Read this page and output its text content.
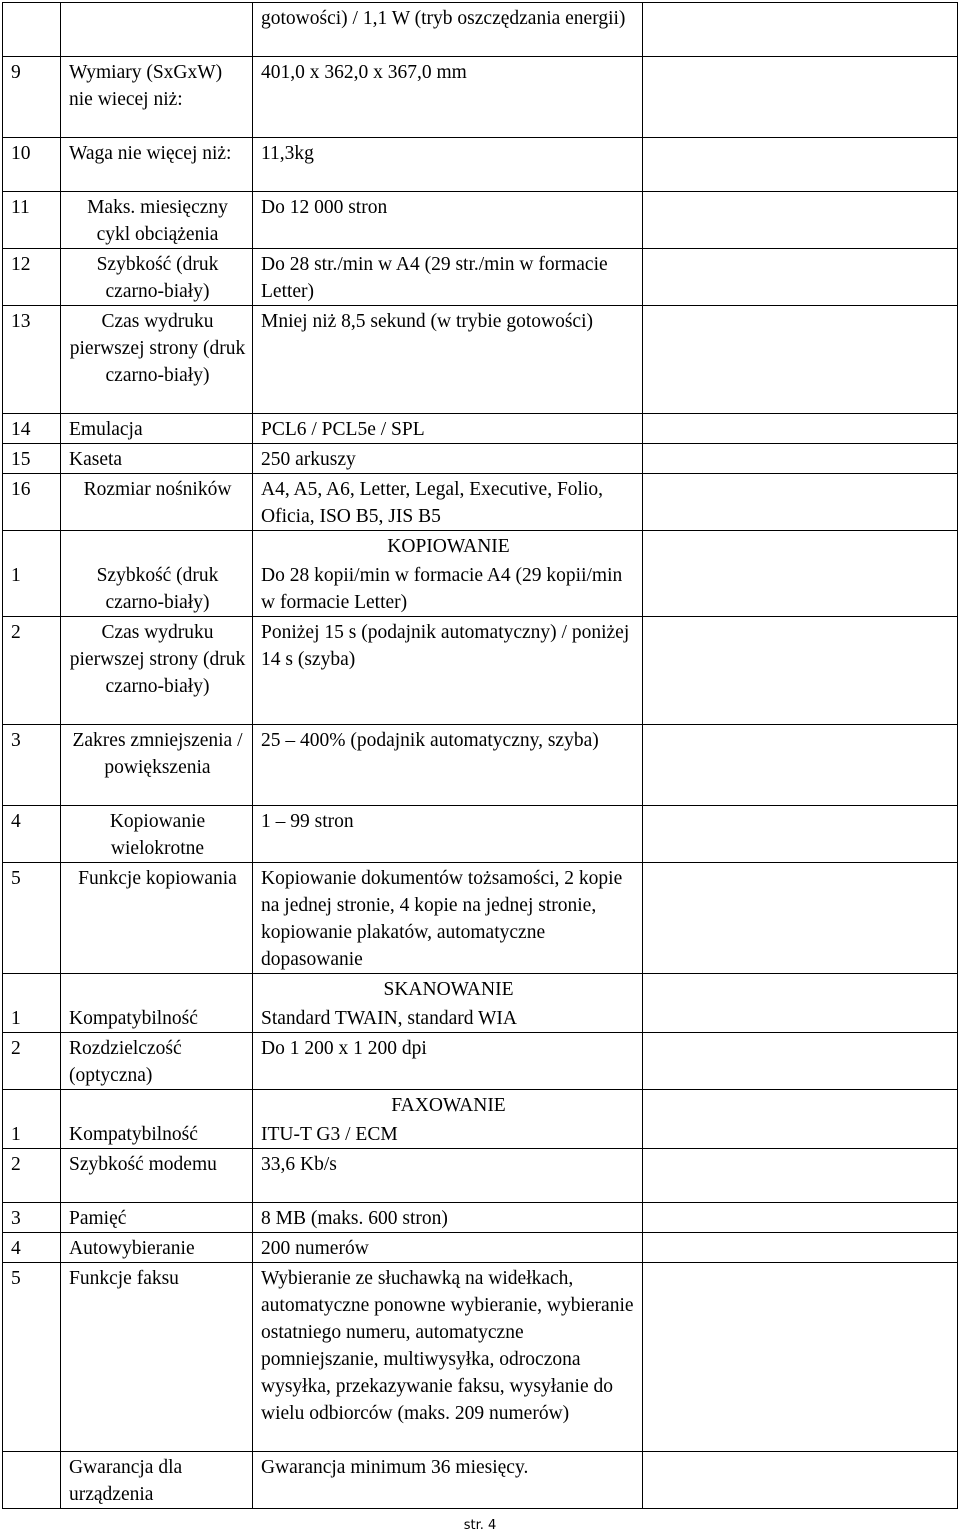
		gotowości) / 1,1 W (tryb oszczędzania energii)	
9	Wymiary (SxGxW) nie wiecej niż:	401,0 x 362,0 x 367,0 mm	
10	Waga nie więcej niż:	11,3kg	
11	Maks. miesięczny cykl obciążenia	Do 12 000 stron	
12	Szybkość (druk czarno-biały)	Do 28 str./min w A4 (29 str./min w formacie Letter)	
13	Czas wydruku pierwszej strony (druk czarno-biały)	Mniej niż 8,5 sekund (w trybie gotowości)	
14	Emulacja	PCL6 / PCL5e / SPL	
15	Kaseta	250 arkuszy	
16	Rozmiar nośników	A4, A5, A6, Letter, Legal, Executive, Folio, Oficia, ISO B5, JIS B5	
		KOPIOWANIE	
1	Szybkość (druk czarno-biały)	Do 28 kopii/min w formacie A4 (29 kopii/min w formacie Letter)	
2	Czas wydruku pierwszej strony (druk czarno-biały)	Poniżej 15 s (podajnik automatyczny) / poniżej 14 s (szyba)	
3	Zakres zmniejszenia / powiększenia	25 – 400% (podajnik automatyczny, szyba)	
4	Kopiowanie wielokrotne	1 – 99 stron	
5	Funkcje kopiowania	Kopiowanie dokumentów tożsamości, 2 kopie na jednej stronie, 4 kopie na jednej stronie, kopiowanie plakatów, automatyczne dopasowanie	
		SKANOWANIE	
1	Kompatybilność	Standard TWAIN, standard WIA	
2	Rozdzielczość (optyczna)	Do 1 200 x 1 200 dpi	
		FAXOWANIE	
1	Kompatybilność	ITU-T G3 / ECM	
2	Szybkość modemu	33,6 Kb/s	
3	Pamięć	8 MB (maks. 600 stron)	
4	Autowybieranie	200 numerów	
5	Funkcje faksu	Wybieranie ze słuchawką na widełkach, automatyczne ponowne wybieranie, wybieranie ostatniego numeru, automatyczne pomniejszanie, multiwysyłka, odroczona wysyłka, przekazywanie faksu, wysyłanie do wielu odbiorców (maks. 209 numerów)	
	Gwarancja dla urządzenia	Gwarancja minimum 36 miesięcy.	
str. 4
